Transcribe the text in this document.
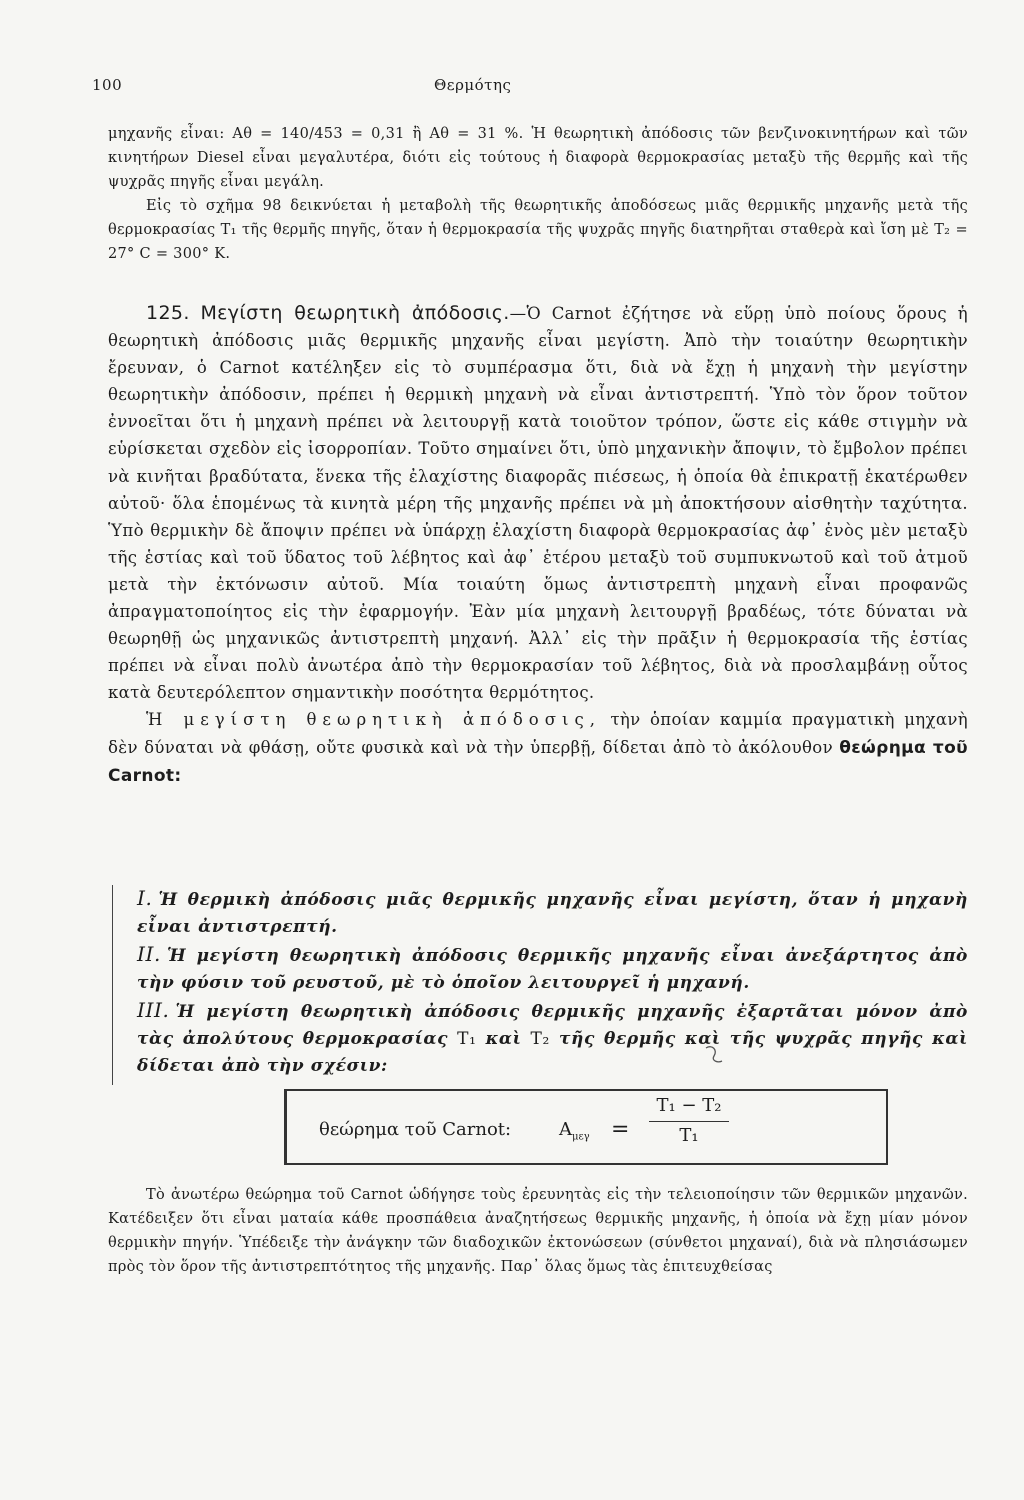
100	Θερμότης
μηχανῆς εἶναι: Aθ = 140/453 = 0,31 ἢ Aθ = 31 %. Ἡ θεωρητικὴ ἀπόδοσις τῶν βενζινοκινητήρων καὶ τῶν κινητήρων Diesel εἶναι μεγαλυτέρα, διότι εἰς τούτους ἡ διαφορὰ θερμοκρασίας μεταξὺ τῆς θερμῆς καὶ τῆς ψυχρᾶς πηγῆς εἶναι μεγάλη.
Εἰς τὸ σχῆμα 98 δεικνύεται ἡ μεταβολὴ τῆς θεωρητικῆς ἀποδόσεως μιᾶς θερμικῆς μηχανῆς μετὰ τῆς θερμοκρασίας T₁ τῆς θερμῆς πηγῆς, ὅταν ἡ θερμοκρασία τῆς ψυχρᾶς πηγῆς διατηρῆται σταθερὰ καὶ ἴση μὲ T₂ = 27° C = 300° K.
125. Μεγίστη θεωρητικὴ ἀπόδοσις.—Ὁ Carnot ἐζήτησε νὰ εὕρῃ ὑπὸ ποίους ὅρους ἡ θεωρητικὴ ἀπόδοσις μιᾶς θερμικῆς μηχανῆς εἶναι μεγίστη. Ἀπὸ τὴν τοιαύτην θεωρητικὴν ἔρευναν, ὁ Carnot κατέληξεν εἰς τὸ συμπέρασμα ὅτι, διὰ νὰ ἔχῃ ἡ μηχανὴ τὴν μεγίστην θεωρητικὴν ἀπόδοσιν, πρέπει ἡ θερμικὴ μηχανὴ νὰ εἶναι ἀντιστρεπτή. Ὑπὸ τὸν ὅρον τοῦτον ἐννοεῖται ὅτι ἡ μηχανὴ πρέπει νὰ λειτουργῇ κατὰ τοιοῦτον τρόπον, ὥστε εἰς κάθε στιγμὴν νὰ εὑρίσκεται σχεδὸν εἰς ἰσορροπίαν. Τοῦτο σημαίνει ὅτι, ὑπὸ μηχανικὴν ἄποψιν, τὸ ἔμβολον πρέπει νὰ κινῆται βραδύτατα, ἕνεκα τῆς ἐλαχίστης διαφορᾶς πιέσεως, ἡ ὁποία θὰ ἐπικρατῇ ἑκατέρωθεν αὐτοῦ· ὅλα ἑπομένως τὰ κινητὰ μέρη τῆς μηχανῆς πρέπει νὰ μὴ ἀποκτήσουν αἰσθητὴν ταχύτητα. Ὑπὸ θερμικὴν δὲ ἄποψιν πρέπει νὰ ὑπάρχῃ ἐλαχίστη διαφορὰ θερμοκρασίας ἀφ᾽ ἑνὸς μὲν μεταξὺ τῆς ἑστίας καὶ τοῦ ὕδατος τοῦ λέβητος καὶ ἀφ᾽ ἑτέρου μεταξὺ τοῦ συμπυκνωτοῦ καὶ τοῦ ἀτμοῦ μετὰ τὴν ἐκτόνωσιν αὐτοῦ. Μία τοιαύτη ὅμως ἀντιστρεπτὴ μηχανὴ εἶναι προφανῶς ἀπραγματοποίητος εἰς τὴν ἐφαρμογήν. Ἐὰν μία μηχανὴ λειτουργῇ βραδέως, τότε δύναται νὰ θεωρηθῇ ὡς μηχανικῶς ἀντιστρεπτὴ μηχανή. Ἀλλ᾽ εἰς τὴν πρᾶξιν ἡ θερμοκρασία τῆς ἑστίας πρέπει νὰ εἶναι πολὺ ἀνωτέρα ἀπὸ τὴν θερμοκρασίαν τοῦ λέβητος, διὰ νὰ προσλαμβάνῃ οὗτος κατὰ δευτερόλεπτον σημαντικὴν ποσότητα θερμότητος.
Ἡ μεγίστη θεωρητικὴ ἀπόδοσις, τὴν ὁποίαν καμμία πραγματικὴ μηχανὴ δὲν δύναται νὰ φθάσῃ, οὔτε φυσικὰ καὶ νὰ τὴν ὑπερβῇ, δίδεται ἀπὸ τὸ ἀκόλουθον θεώρημα τοῦ Carnot:

I. Ἡ θερμικὴ ἀπόδοσις μιᾶς θερμικῆς μηχανῆς εἶναι μεγίστη, ὅταν ἡ μηχανὴ εἶναι ἀντιστρεπτή.

II. Ἡ μεγίστη θεωρητικὴ ἀπόδοσις θερμικῆς μηχανῆς εἶναι ἀνεξάρτητος ἀπὸ τὴν φύσιν τοῦ ρευστοῦ, μὲ τὸ ὁποῖον λειτουργεῖ ἡ μηχανή.

III. Ἡ μεγίστη θεωρητικὴ ἀπόδοσις θερμικῆς μηχανῆς ἐξαρτᾶται μόνον ἀπὸ τὰς ἀπολύτους θερμοκρασίας T₁ καὶ T₂ τῆς θερμῆς καὶ τῆς ψυχρᾶς πηγῆς καὶ δίδεται ἀπὸ τὴν σχέσιν:

θεώρημα τοῦ Carnot:	$A_{\mu\varepsilon\gamma}$ =
T₁ − T₂
T₁
Τὸ ἀνωτέρω θεώρημα τοῦ Carnot ὡδήγησε τοὺς ἐρευνητὰς εἰς τὴν τελειοποίησιν τῶν θερμικῶν μηχανῶν. Κατέδειξεν ὅτι εἶναι ματαία κάθε προσπάθεια ἀναζητήσεως θερμικῆς μηχανῆς, ἡ ὁποία νὰ ἔχῃ μίαν μόνον θερμικὴν πηγήν. Ὑπέδειξε τὴν ἀνάγκην τῶν διαδοχικῶν ἐκτονώσεων (σύνθετοι μηχαναί), διὰ νὰ πλησιάσωμεν πρὸς τὸν ὅρον τῆς ἀντιστρεπτότητος τῆς μηχανῆς. Παρ᾽ ὅλας ὅμως τὰς ἐπιτευχθείσας
